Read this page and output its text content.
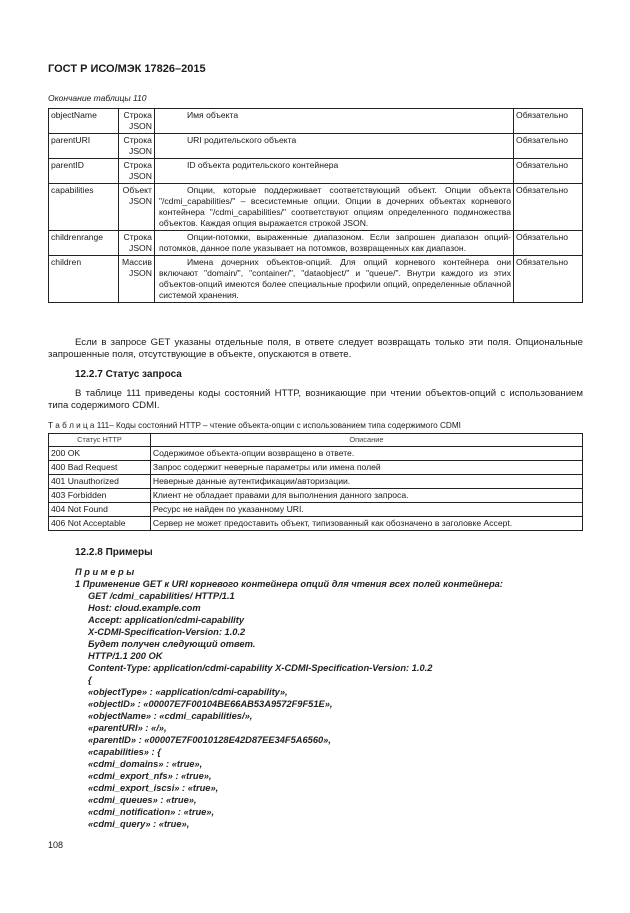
ГОСТ Р ИСО/МЭК 17826–2015
Окончание таблицы 110
objectName	Строка JSON	Имя объекта	Обязательно
parentURI	Строка JSON	URI родительского объекта	Обязательно
parentID	Строка JSON	ID объекта родительского контейнера	Обязательно
capabilities	Объект JSON	Опции, которые поддерживает соответствующий объект. Опции объекта "/cdmi_capabilities/" – всесистемные опции. Опции в дочерних объектах корневого контейнера "/cdmi_capabilities/" соответствуют опциям определенного подмножества объектов. Каждая опция выражается строкой JSON.	Обязательно
childrenrange	Строка JSON	Опции-потомки, выраженные диапазоном. Если запрошен диапазон опций-потомков, данное поле указывает на потомков, возвращенных как диапазон.	Обязательно
children	Массив JSON	Имена дочерних объектов-опций. Для опций корневого контейнера они включают "domain/", "container/", "dataobject/" и "queue/". Внутри каждого из этих объектов-опций имеются более специальные профили опций, определенные облачной системой хранения.	Обязательно
Если в запросе GET указаны отдельные поля, в ответе следует возвращать только эти поля. Опциональные запрошенные поля, отсутствующие в объекте, опускаются в ответе.
12.2.7 Статус запроса
В таблице 111 приведены коды состояний HTTP, возникающие при чтении объектов-опций с использованием типа содержимого CDMI.
Т а б л и ц а 111– Коды состояний HTTP – чтение объекта-опции с использованием типа содержимого CDMI
Статус HTTP	Описание
200 OK	Содержимое объекта-опции возвращено в ответе.
400 Bad Request	Запрос содержит неверные параметры или имена полей
401 Unauthorized	Неверные данные аутентификации/авторизации.
403 Forbidden	Клиент не обладает правами для выполнения данного запроса.
404 Not Found	Ресурс не найден по указанному URI.
406 Not Acceptable	Сервер не может предоставить объект, типизованный как обозначено в заголовке Accept.
12.2.8 Примеры
П р и м е р ы
1 Применение GET к URI корневого контейнера опций для чтения всех полей контейнера:
GET /cdmi_capabilities/ HTTP/1.1
Host: cloud.example.com
Accept: application/cdmi-capability
X-CDMI-Specification-Version: 1.0.2
Будет получен следующий ответ.
HTTP/1.1 200 OK
Content-Type: application/cdmi-capability X-CDMI-Specification-Version: 1.0.2
{
«objectType» : «application/cdmi-capability»,
«objectID» : «00007E7F00104BE66AB53A9572F9F51E»,
«objectName» : «cdmi_capabilities/»,
«parentURI» : «/»,
«parentID» : «00007E7F0010128E42D87EE34F5A6560»,
«capabilities» : {
«cdmi_domains» : «true»,
«cdmi_export_nfs» : «true»,
«cdmi_export_iscsi» : «true»,
«cdmi_queues» : «true»,
«cdmi_notification» : «true»,
«cdmi_query» : «true»,
108
